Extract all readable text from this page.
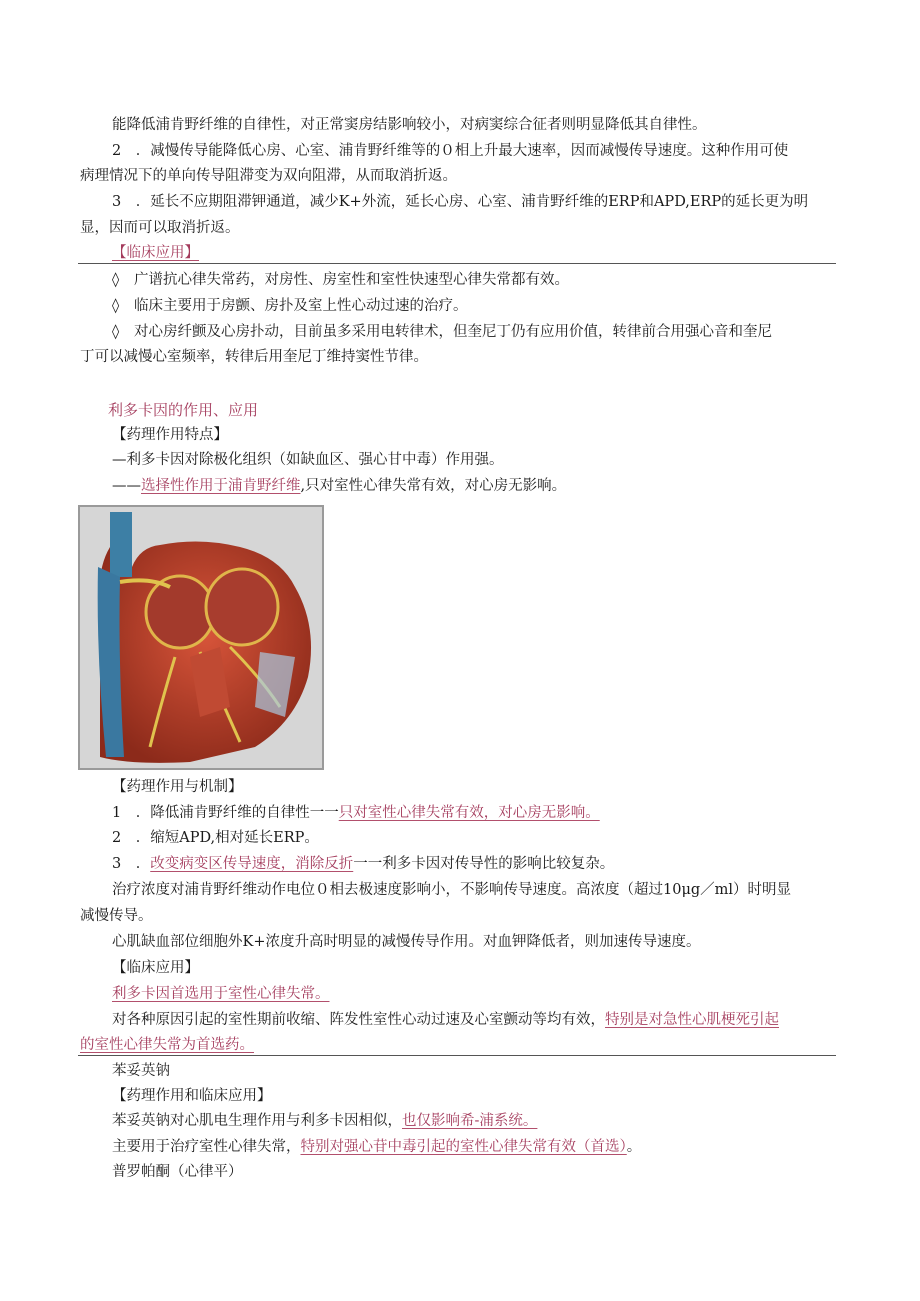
能降低浦肯野纤维的自律性，对正常窦房结影响较小，对病窦综合征者则明显降低其自律性。
2　．减慢传导能降低心房、心室、浦肯野纤维等的０相上升最大速率，因而减慢传导速度。这种作用可使
病理情况下的单向传导阻滞变为双向阻滞，从而取消折返。
3　．延长不应期阻滞钾通道，减少K+外流，延长心房、心室、浦肯野纤维的ERP和APD,ERP的延长更为明
显，因而可以取消折返。
【临床应用】
◊ 广谱抗心律失常药，对房性、房室性和室性快速型心律失常都有效。
◊ 临床主要用于房颤、房扑及室上性心动过速的治疗。
◊ 对心房纤颤及心房扑动，目前虽多采用电转律术，但奎尼丁仍有应用价值，转律前合用强心音和奎尼
丁可以减慢心室频率，转律后用奎尼丁维持窦性节律。
利多卡因的作用、应用
【药理作用特点】
—利多卡因对除极化组织（如缺血区、强心甘中毒）作用强。
——选择性作用于浦肯野纤维,只对室性心律失常有效，对心房无影响。
【药理作用与机制】
1　．降低浦肯野纤维的自律性一一只对室性心律失常有效，对心房无影响。
2　．缩短APD,相对延长ERP。
3　．改变病变区传导速度，消除反折一一利多卡因对传导性的影响比较复杂。
治疗浓度对浦肯野纤维动作电位０相去极速度影响小，不影响传导速度。高浓度（超过10μg／ml）时明显
减慢传导。
心肌缺血部位细胞外K+浓度升高时明显的减慢传导作用。对血钾降低者，则加速传导速度。
【临床应用】
利多卡因首选用于室性心律失常。
对各种原因引起的室性期前收缩、阵发性室性心动过速及心室颤动等均有效，特别是对急性心肌梗死引起
的室性心律失常为首选药。
苯妥英钠
【药理作用和临床应用】
苯妥英钠对心肌电生理作用与利多卡因相似，也仅影响希-浦系统。
主要用于治疗室性心律失常，特别对强心苷中毒引起的室性心律失常有效（首选）。
普罗帕酮（心律平）
